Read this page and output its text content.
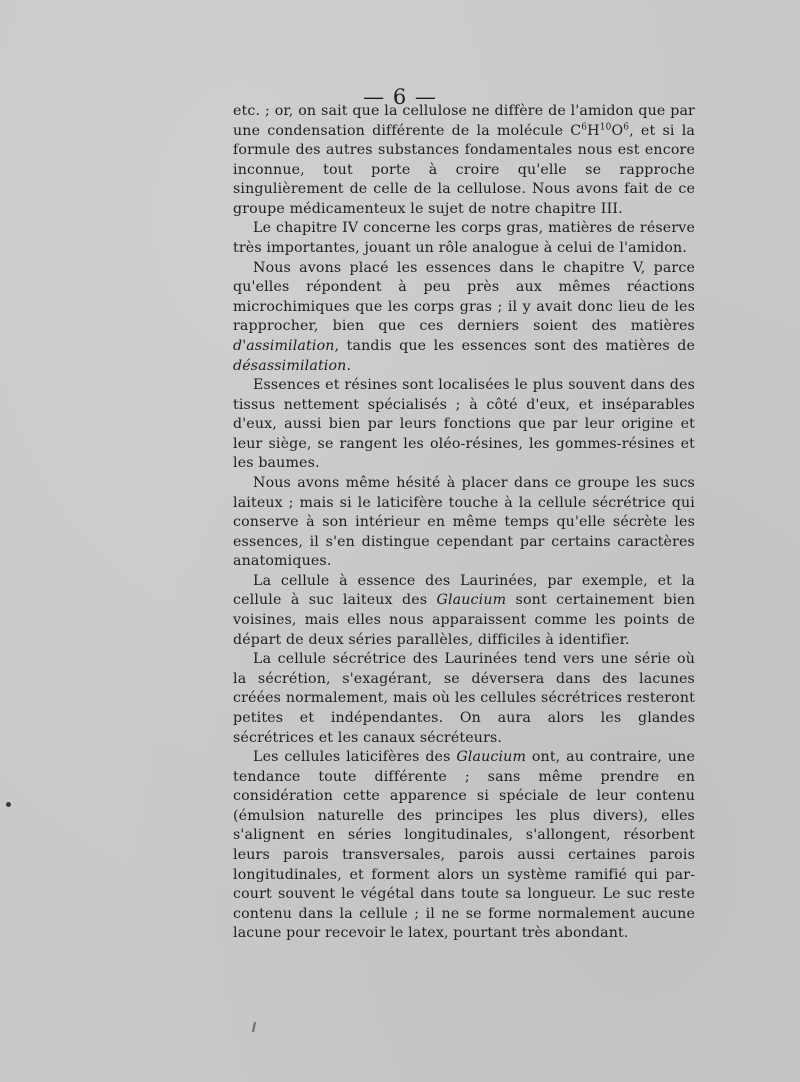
— 6 —

etc. ; or, on sait que la cellulose ne diffère de l'amidon que par une condensation différente de la molécule $C^6H^{10}O^6$, et si la formule des autres substances fondamentales nous est encore inconnue, tout porte à croire qu'elle se rapproche singulièrement de celle de la cellulose. Nous avons fait de ce groupe médicamenteux le sujet de notre chapitre III.

Le chapitre IV concerne les corps gras, matières de réserve très importantes, jouant un rôle analogue à celui de l'amidon.

Nous avons placé les essences dans le chapitre V, parce qu'elles répondent à peu près aux mêmes réactions microchimiques que les corps gras ; il y avait donc lieu de les rapprocher, bien que ces derniers soient des matières d'assimilation, tandis que les essences sont des matières de désassimilation.

Essences et résines sont localisées le plus souvent dans des tissus nettement spécialisés ; à côté d'eux, et inséparables d'eux, aussi bien par leurs fonctions que par leur origine et leur siège, se rangent les oléo-résines, les gommes-résines et les baumes.

Nous avons même hésité à placer dans ce groupe les sucs laiteux ; mais si le laticifère touche à la cellule sécrétrice qui conserve à son intérieur en même temps qu'elle sécrète les essences, il s'en distingue cependant par certains caractères anatomiques.

La cellule à essence des Laurinées, par exemple, et la cellule à suc laiteux des Glaucium sont certainement bien voisines, mais elles nous apparaissent comme les points de départ de deux séries parallèles, difficiles à identifier.

La cellule sécrétrice des Laurinées tend vers une série où la sécrétion, s'exagérant, se déversera dans des lacunes créées normalement, mais où les cellules sécrétrices resteront petites et indépendantes. On aura alors les glandes sécrétrices et les canaux sécréteurs.

Les cellules laticifères des Glaucium ont, au contraire, une tendance toute différente ; sans même prendre en considération cette apparence si spéciale de leur contenu (émulsion naturelle des principes les plus divers), elles s'alignent en séries longitudinales, s'allongent, résorbent leurs parois transversales, parois aussi certaines parois longitudinales, et forment alors un système ramifié qui parcourt souvent le végétal dans toute sa longueur. Le suc reste contenu dans la cellule ; il ne se forme normalement aucune lacune pour recevoir le latex, pourtant très abondant.
